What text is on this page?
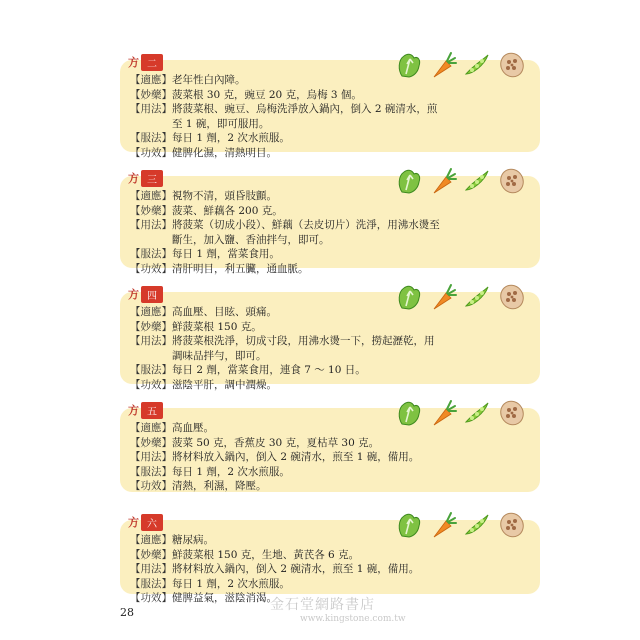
方 二
【適應】 老年性白內障。
【妙藥】 菠菜根 30 克，豌豆 20 克，烏梅 3 個。
【用法】 將菠菜根、豌豆、烏梅洗淨放入鍋內，倒入 2 碗清水，煎至 1 碗，即可服用。
【服法】 每日 1 劑，2 次水煎服。
【功效】 健脾化濕，清熱明目。
方 三
【適應】 視物不清，頭昏肢顫。
【妙藥】 菠菜、鮮藕各 200 克。
【用法】 將菠菜（切成小段）、鮮藕（去皮切片）洗淨，用沸水燙至斷生，加入鹽、香油拌勻，即可。
【服法】 每日 1 劑，當菜食用。
【功效】 清肝明目，利五臟，通血脈。
方 四
【適應】 高血壓、目眩、頭痛。
【妙藥】 鮮菠菜根 150 克。
【用法】 將菠菜根洗淨，切成寸段，用沸水燙一下，撈起瀝乾，用調味品拌勻，即可。
【服法】 每日 2 劑，當菜食用，連食 7 ～ 10 日。
【功效】 滋陰平肝，調中潤燥。
方 五
【適應】 高血壓。
【妙藥】 菠菜 50 克，香蕉皮 30 克，夏枯草 30 克。
【用法】 將材料放入鍋內，倒入 2 碗清水，煎至 1 碗，備用。
【服法】 每日 1 劑，2 次水煎服。
【功效】 清熱，利濕，降壓。
方 六
【適應】 糖尿病。
【妙藥】 鮮菠菜根 150 克，生地、黃芪各 6 克。
【用法】 將材料放入鍋內，倒入 2 碗清水，煎至 1 碗，備用。
【服法】 每日 1 劑，2 次水煎服。
【功效】 健脾益氣，滋陰消渴。
28	金石堂網路書店
www.kingstone.com.tw
